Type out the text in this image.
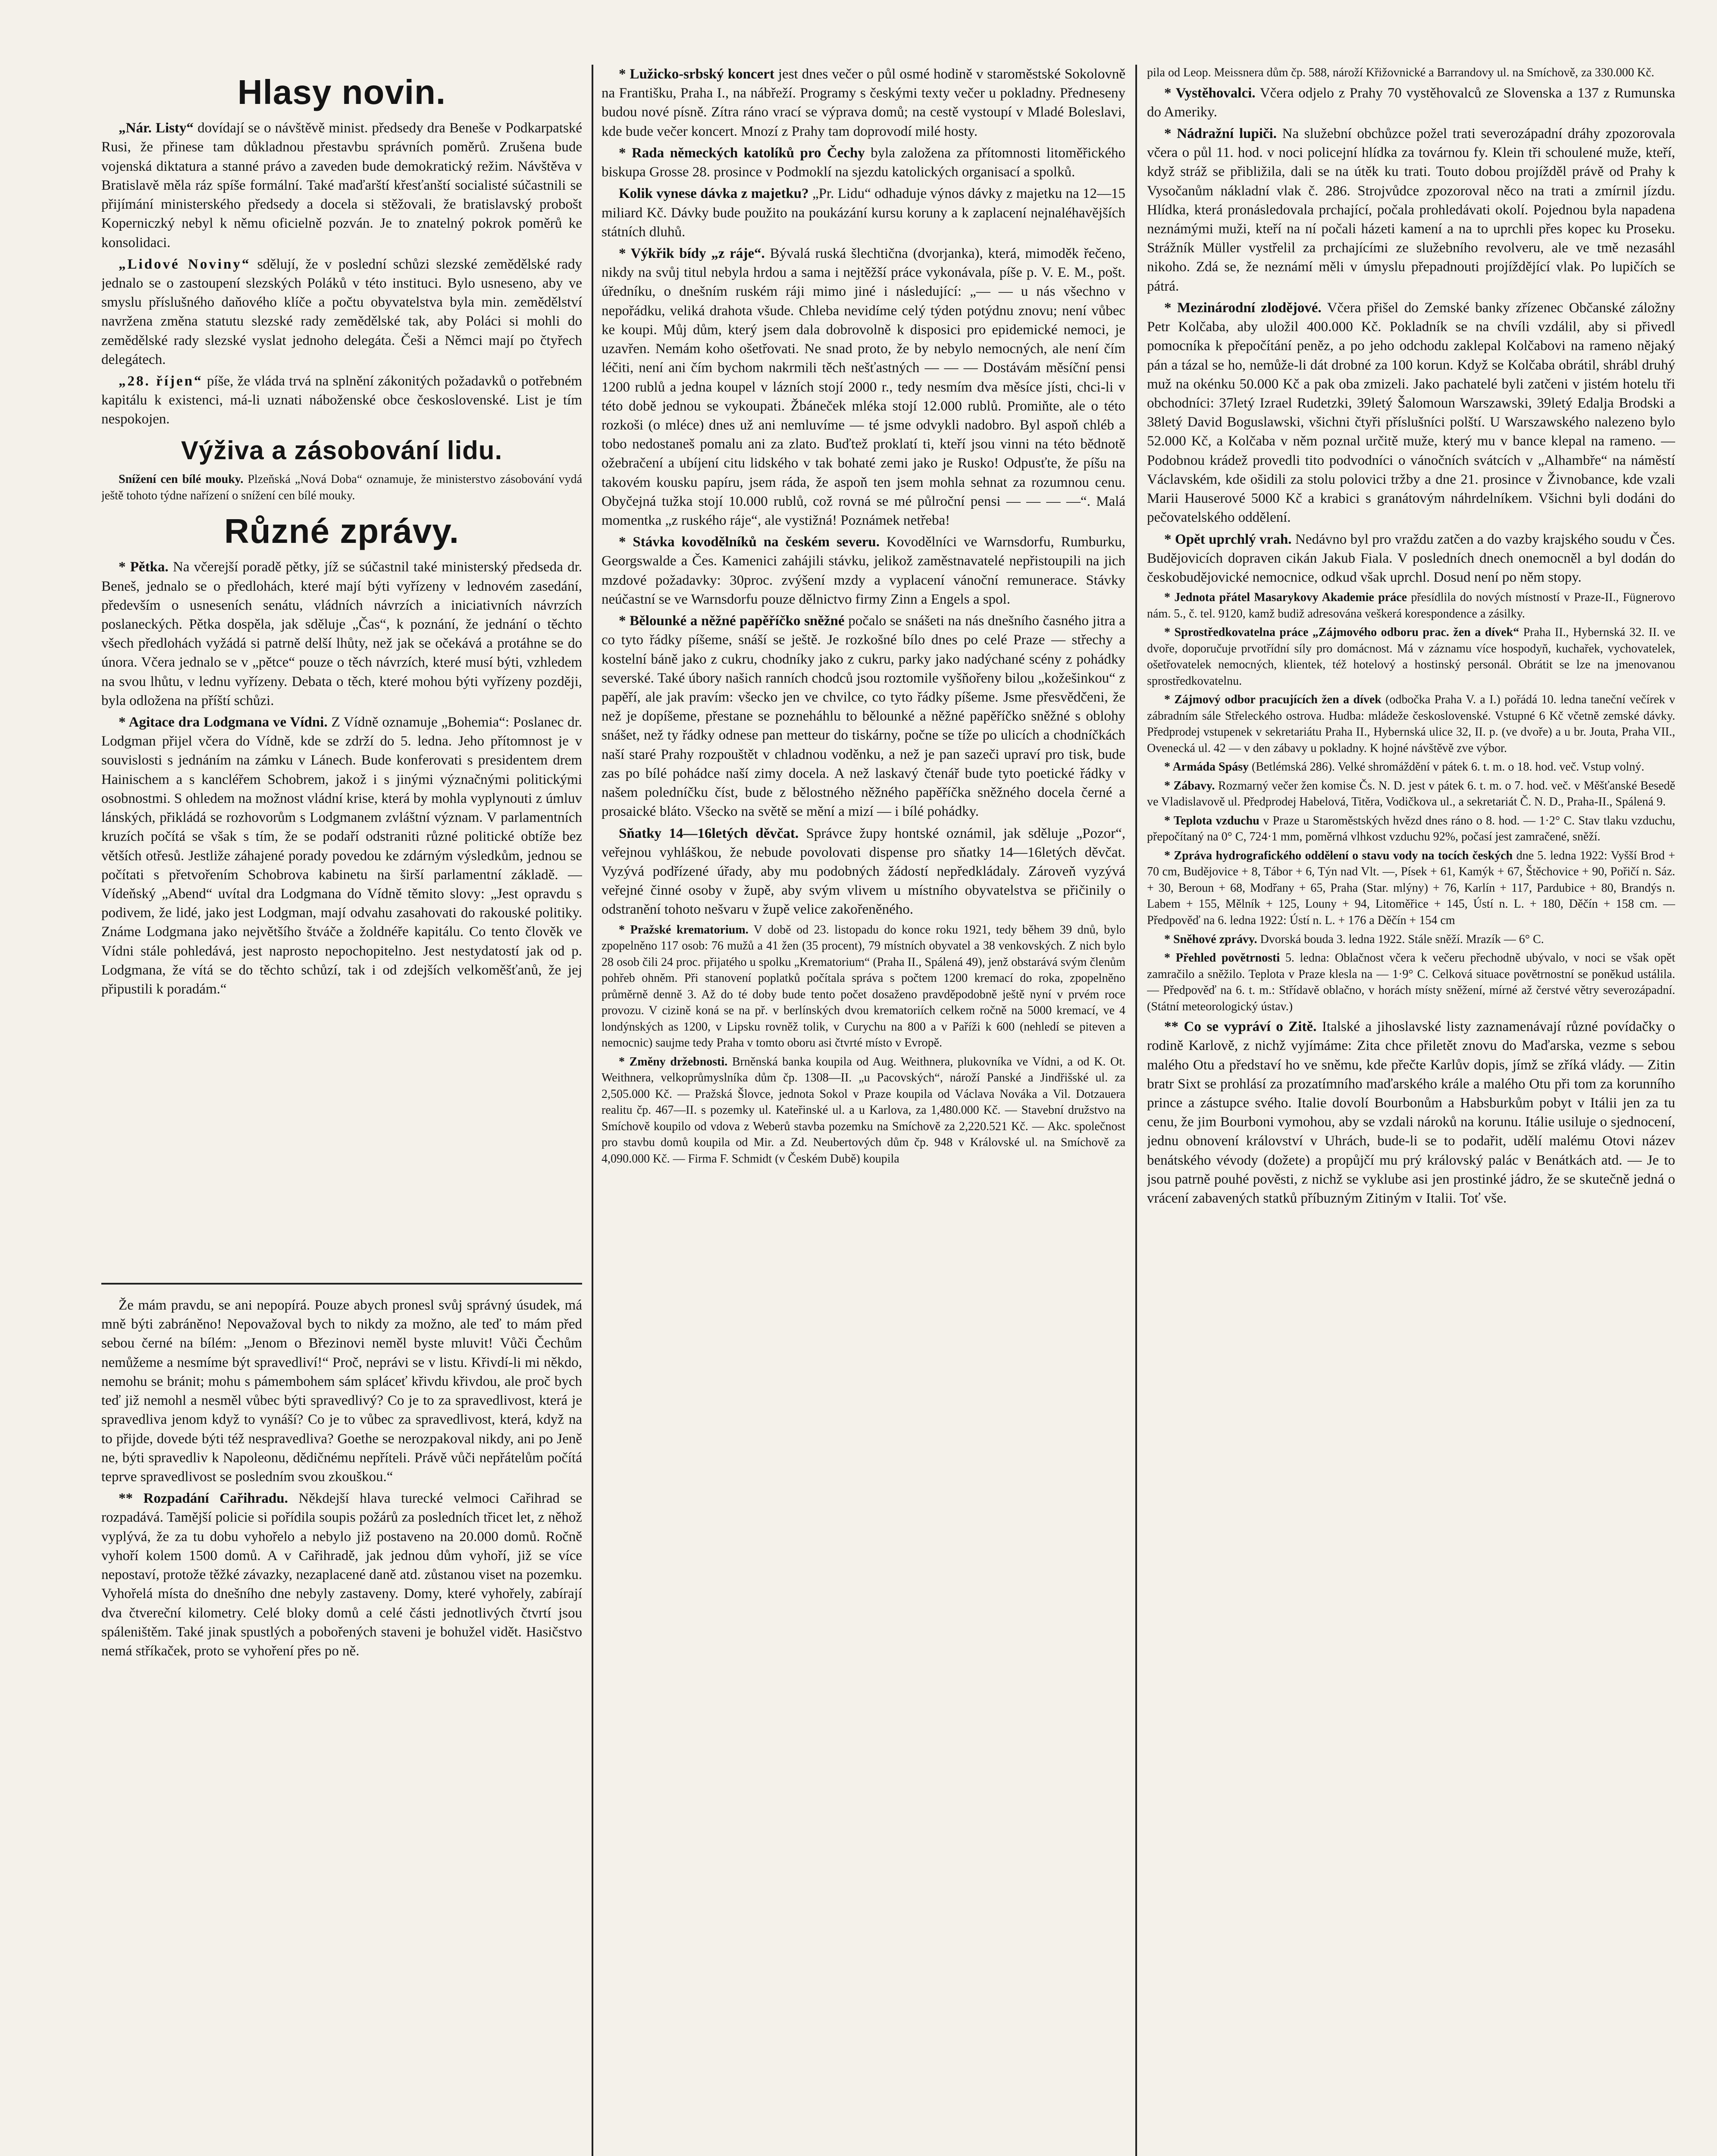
Hlasy novin.

„Nár. Listy“ dovídají se o návštěvě minist. předsedy dra Beneše v Podkarpatské Rusi, že přinese tam důkladnou přestavbu správních poměrů. Zrušena bude vojenská diktatura a stanné právo a zaveden bude demokratický režim. Návštěva v Bratislavě měla ráz spíše formální. Také maďarští křesťanští socialisté súčastnili se přijímání ministerského předsedy a docela si stěžovali, že bratislavský probošt Koperniczký nebyl k němu oficielně pozván. Je to znatelný pokrok poměrů ke konsolidaci.

„Lidové Noviny“ sdělují, že v poslední schůzi slezské zemědělské rady jednalo se o zastoupení slezských Poláků v této instituci. Bylo usneseno, aby ve smyslu příslušného daňového klíče a počtu obyvatelstva byla min. zemědělství navržena změna statutu slezské rady zemědělské tak, aby Poláci si mohli do zemědělské rady slezské vyslat jednoho delegáta. Češi a Němci mají po čtyřech delegátech.

„28. říjen“ píše, že vláda trvá na splnění zákonitých požadavků o potřebném kapitálu k existenci, má-li uznati náboženské obce československé. List je tím nespokojen.

Výživa a zásobování lidu.

Snížení cen bílé mouky. Plzeňská „Nová Doba“ oznamuje, že ministerstvo zásobování vydá ještě tohoto týdne nařízení o snížení cen bílé mouky.

Různé zprávy.

* Pětka. Na včerejší poradě pětky, jíž se súčastnil také ministerský předseda dr. Beneš, jednalo se o předlohách, které mají býti vyřízeny v lednovém zasedání, především o usneseních senátu, vládních návrzích a iniciativních návrzích poslaneckých. Pětka dospěla, jak sděluje „Čas“, k poznání, že jednání o těchto všech předlohách vyžádá si patrně delší lhůty, než jak se očekává a protáhne se do února. Včera jednalo se v „pětce“ pouze o těch návrzích, které musí býti, vzhledem na svou lhůtu, v lednu vyřízeny. Debata o těch, které mohou býti vyřízeny později, byla odložena na příští schůzi.

* Agitace dra Lodgmana ve Vídni. Z Vídně oznamuje „Bohemia“: Poslanec dr. Lodgman přijel včera do Vídně, kde se zdrží do 5. ledna. Jeho přítomnost je v souvislosti s jednáním na zámku v Lánech. Bude konferovati s presidentem drem Hainischem a s kancléřem Schobrem, jakož i s jinými význačnými politickými osobnostmi. S ohledem na možnost vládní krise, která by mohla vyplynouti z úmluv lánských, přikládá se rozhovorům s Lodgmanem zvláštní význam. V parlamentních kruzích počítá se však s tím, že se podaří odstraniti různé politické obtíže bez větších otřesů. Jestliže záhajené porady povedou ke zdárným výsledkům, jednou se počítati s přetvořením Schobrova kabinetu na širší parlamentní základě. — Vídeňský „Abend“ uvítal dra Lodgmana do Vídně těmito slovy: „Jest opravdu s podivem, že lidé, jako jest Lodgman, mají odvahu zasahovati do rakouské politiky. Známe Lodgmana jako největšího štváče a žoldnéře kapitálu. Co tento člověk ve Vídni stále pohledává, jest naprosto nepochopitelno. Jest nestydatostí jak od p. Lodgmana, že vítá se do těchto schůzí, tak i od zdejších velkoměšťanů, že jej připustili k poradám.“

Že mám pravdu, se ani nepopírá. Pouze abych pronesl svůj správný úsudek, má mně býti zabráněno! Nepovažoval bych to nikdy za možno, ale teď to mám před sebou černé na bílém: „Jenom o Březinovi neměl byste mluvit! Vůči Čechům nemůžeme a nesmíme být spravedliví!“ Proč, neprávi se v listu. Křivdí-li mi někdo, nemohu se bránit; mohu s pámembohem sám spláceť křivdu křivdou, ale proč bych teď již nemohl a nesměl vůbec býti spravedlivý? Co je to za spravedlivost, která je spravedliva jenom když to vynáší? Co je to vůbec za spravedlivost, která, když na to přijde, dovede býti též nespravedliva? Goethe se nerozpakoval nikdy, ani po Jeně ne, býti spravedliv k Napoleonu, dědičnému nepříteli. Právě vůči nepřátelům počítá teprve spravedlivost se posledním svou zkouškou.“

** Rozpadání Cařihradu. Někdejší hlava turecké velmoci Cařihrad se rozpadává. Tamější policie si pořídila soupis požárů za posledních třicet let, z něhož vyplývá, že za tu dobu vyhořelo a nebylo již postaveno na 20.000 domů. Ročně vyhoří kolem 1500 domů. A v Cařihradě, jak jednou dům vyhoří, již se více nepostaví, protože těžké závazky, nezaplacené daně atd. zůstanou viset na pozemku. Vyhořelá místa do dnešního dne nebyly zastaveny. Domy, které vyhořely, zabírají dva čtvereční kilometry. Celé bloky domů a celé části jednotlivých čtvrtí jsou spáleništěm. Také jinak spustlých a pobořených staveni je bohužel vidět. Hasičstvo nemá stříkaček, proto se vyhoření přes po ně.

* Lužicko-srbský koncert jest dnes večer o půl osmé hodině v staroměstské Sokolovně na Františku, Praha I., na nábřeží. Programy s českými texty večer u pokladny. Předneseny budou nové písně. Zítra ráno vrací se výprava domů; na cestě vystoupí v Mladé Boleslavi, kde bude večer koncert. Mnozí z Prahy tam doprovodí milé hosty.

* Rada německých katolíků pro Čechy byla založena za přítomnosti litoměřického biskupa Grosse 28. prosince v Podmoklí na sjezdu katolických organisací a spolků.

Kolik vynese dávka z majetku? „Pr. Lidu“ odhaduje výnos dávky z majetku na 12—15 miliard Kč. Dávky bude použito na poukázání kursu koruny a k zaplacení nejnaléhavějších státních dluhů.

* Výkřik bídy „z ráje“. Bývalá ruská šlechtična (dvorjanka), která, mimoděk řečeno, nikdy na svůj titul nebyla hrdou a sama i nejtěžší práce vykonávala, píše p. V. E. M., pošt. úředníku, o dnešním ruském ráji mimo jiné i následující: „— — u nás všechno v nepořádku, veliká drahota všude. Chleba nevidíme celý týden potýdnu znovu; není vůbec ke koupi. Můj dům, který jsem dala dobrovolně k disposici pro epidemické nemoci, je uzavřen. Nemám koho ošetřovati. Ne snad proto, že by nebylo nemocných, ale není čím léčiti, není ani čím bychom nakrmili těch nešťastných — — — Dostávám měsíční pensi 1200 rublů a jedna koupel v lázních stojí 2000 r., tedy nesmím dva měsíce jísti, chci-li v této době jednou se vykoupati. Žbáneček mléka stojí 12.000 rublů. Promiňte, ale o této rozkoši (o mléce) dnes už ani nemluvíme — té jsme odvykli nadobro. Byl aspoň chléb a tobo nedostaneš pomalu ani za zlato. Buďtež proklatí ti, kteří jsou vinni na této bědnotě ožebračení a ubíjení citu lidského v tak bohaté zemi jako je Rusko! Odpusťte, že píšu na takovém kousku papíru, jsem ráda, že aspoň ten jsem mohla sehnat za rozumnou cenu. Obyčejná tužka stojí 10.000 rublů, což rovná se mé půlroční pensi — — — —“. Malá momentka „z ruského ráje“, ale vystižná! Poznámek netřeba!

* Stávka kovodělníků na českém severu. Kovodělníci ve Warnsdorfu, Rumburku, Georgswalde a Čes. Kamenici zahájili stávku, jelikož zaměstnavatelé nepřistoupili na jich mzdové požadavky: 30proc. zvýšení mzdy a vyplacení vánoční remunerace. Stávky neúčastní se ve Warnsdorfu pouze dělnictvo firmy Zinn a Engels a spol.

* Bělounké a něžné papěříčko sněžné počalo se snášeti na nás dnešního časného jitra a co tyto řádky píšeme, snáší se ještě. Je rozkošné bílo dnes po celé Praze — střechy a kostelní báně jako z cukru, chodníky jako z cukru, parky jako nadýchané scény z pohádky severské. Také úbory našich ranních chodců jsou roztomile vyšňořeny bilou „kožešinkou“ z papěří, ale jak pravím: všecko jen ve chvilce, co tyto řádky píšeme. Jsme přesvědčeni, že než je dopíšeme, přestane se pozneháhlu to bělounké a něžné papěříčko sněžné s oblohy snášet, než ty řádky odnese pan metteur do tiskárny, počne se tíže po ulicích a chodníčkách naší staré Prahy rozpouštět v chladnou voděnku, a než je pan sazeči upraví pro tisk, bude zas po bílé pohádce naší zimy docela. A než laskavý čtenář bude tyto poetické řádky v našem poledníčku číst, bude z bělostného něžného papěříčka sněžného docela černé a prosaické bláto. Všecko na světě se mění a mizí — i bílé pohádky.

Sňatky 14—16letých děvčat. Správce župy hontské oznámil, jak sděluje „Pozor“, veřejnou vyhláškou, že nebude povolovati dispense pro sňatky 14—16letých děvčat. Vyzývá podřízené úřady, aby mu podobných žádostí nepředkládaly. Zároveň vyzývá veřejné činné osoby v župě, aby svým vlivem u místního obyvatelstva se přičinily o odstranění tohoto nešvaru v župě velice zakořeněného.

* Pražské krematorium. V době od 23. listopadu do konce roku 1921, tedy během 39 dnů, bylo zpopelněno 117 osob: 76 mužů a 41 žen (35 procent), 79 místních obyvatel a 38 venkovských. Z nich bylo 28 osob čili 24 proc. přijatého u spolku „Krematorium“ (Praha II., Spálená 49), jenž obstarává svým členům pohřeb ohněm. Při stanovení poplatků počítala správa s počtem 1200 kremací do roka, zpopelněno průměrně denně 3. Až do té doby bude tento počet dosaženo pravděpodobně ještě nyní v prvém roce provozu. V cizině koná se na př. v berlínských dvou krematoriích celkem ročně na 5000 kremací, ve 4 londýnských as 1200, v Lipsku rovněž tolik, v Curychu na 800 a v Paříži k 600 (nehledí se piteven a nemocnic) saujme tedy Praha v tomto oboru asi čtvrté místo v Evropě.

* Změny držebnosti. Brněnská banka koupila od Aug. Weithnera, plukovníka ve Vídni, a od K. Ot. Weithnera, velkoprůmyslníka dům čp. 1308—II. „u Pacovských“, nároží Panské a Jindřišské ul. za 2,505.000 Kč. — Pražská Šlovce, jednota Sokol v Praze koupila od Václava Nováka a Vil. Dotzauera realitu čp. 467—II. s pozemky ul. Kateřinské ul. a u Karlova, za 1,480.000 Kč. — Stavební družstvo na Smíchově koupilo od vdova z Weberů stavba pozemku na Smíchově za 2,220.521 Kč. — Akc. společnost pro stavbu domů koupila od Mir. a Zd. Neubertových dům čp. 948 v Královské ul. na Smíchově za 4,090.000 Kč. — Firma F. Schmidt (v Českém Dubě) koupila

pila od Leop. Meissnera dům čp. 588, nároží Křižovnické a Barrandovy ul. na Smíchově, za 330.000 Kč.

* Vystěhovalci. Včera odjelo z Prahy 70 vystěhovalců ze Slovenska a 137 z Rumunska do Ameriky.

* Nádražní lupiči. Na služební obchůzce požel trati severozápadní dráhy zpozorovala včera o půl 11. hod. v noci policejní hlídka za továrnou fy. Klein tři schoulené muže, kteří, když stráž se přibližila, dali se na útěk ku trati. Touto dobou projížděl právě od Prahy k Vysočanům nákladní vlak č. 286. Strojvůdce zpozoroval něco na trati a zmírnil jízdu. Hlídka, která pronásledovala prchající, počala prohledávati okolí. Pojednou byla napadena neznámými muži, kteří na ní počali házeti kamení a na to uprchli přes kopec ku Proseku. Strážník Müller vystřelil za prchajícími ze služebního revolveru, ale ve tmě nezasáhl nikoho. Zdá se, že neznámí měli v úmyslu přepadnouti projíždějící vlak. Po lupičích se pátrá.

* Mezinárodní zlodějové. Včera přišel do Zemské banky zřízenec Občanské záložny Petr Kolčaba, aby uložil 400.000 Kč. Pokladník se na chvíli vzdálil, aby si přivedl pomocníka k přepočítání peněz, a po jeho odchodu zaklepal Kolčabovi na rameno nějaký pán a tázal se ho, nemůže-li dát drobné za 100 korun. Když se Kolčaba obrátil, shrábl druhý muž na okénku 50.000 Kč a pak oba zmizeli. Jako pachatelé byli zatčeni v jistém hotelu tři obchodníci: 37letý Izrael Rudetzki, 39letý Šalomoun Warszawski, 39letý Edalja Brodski a 38letý David Boguslawski, všichni čtyři příslušníci polští. U Warszawského nalezeno bylo 52.000 Kč, a Kolčaba v něm poznal určitě muže, který mu v bance klepal na rameno. — Podobnou krádež provedli tito podvodníci o vánočních svátcích v „Alhambře“ na náměstí Václavském, kde ošidili za stolu polovici tržby a dne 21. prosince v Živnobance, kde vzali Marii Hauserové 5000 Kč a krabici s granátovým náhrdelníkem. Všichni byli dodáni do pečovatelského oddělení.

* Opět uprchlý vrah. Nedávno byl pro vraždu zatčen a do vazby krajského soudu v Čes. Budějovicích dopraven cikán Jakub Fiala. V posledních dnech onemocněl a byl dodán do českobudějovické nemocnice, odkud však uprchl. Dosud není po něm stopy.

* Jednota přátel Masarykovy Akademie práce přesídlila do nových místností v Praze-II., Fügnerovo nám. 5., č. tel. 9120, kamž budiž adresována veškerá korespondence a zásilky.

* Sprostředkovatelna práce „Zájmového odboru prac. žen a dívek“ Praha II., Hybernská 32. II. ve dvoře, doporučuje prvotřídní síly pro domácnost. Má v záznamu více hospodyň, kuchařek, vychovatelek, ošetřovatelek nemocných, klientek, též hotelový a hostinský personál. Obrátit se lze na jmenovanou sprostředkovatelnu.

* Zájmový odbor pracujících žen a dívek (odbočka Praha V. a I.) pořádá 10. ledna taneční večírek v zábradním sále Střeleckého ostrova. Hudba: mládeže československé. Vstupné 6 Kč včetně zemské dávky. Předprodej vstupenek v sekretariátu Praha II., Hybernská ulice 32, II. p. (ve dvoře) a u br. Jouta, Praha VII., Ovenecká ul. 42 — v den zábavy u pokladny. K hojné návštěvě zve výbor.

* Armáda Spásy (Betlémská 286). Velké shromáždění v pátek 6. t. m. o 18. hod. več. Vstup volný.

* Zábavy. Rozmarný večer žen komise Čs. N. D. jest v pátek 6. t. m. o 7. hod. več. v Měšťanské Besedě ve Vladislavově ul. Předprodej Habelová, Titěra, Vodičkova ul., a sekretariát Č. N. D., Praha-II., Spálená 9.

* Teplota vzduchu v Praze u Staroměstských hvězd dnes ráno o 8. hod. — 1·2° C. Stav tlaku vzduchu, přepočítaný na 0° C, 724·1 mm, poměrná vlhkost vzduchu 92%, počasí jest zamračené, sněží.

* Zpráva hydrografického oddělení o stavu vody na tocích českých dne 5. ledna 1922: Vyšší Brod + 70 cm, Budějovice + 8, Tábor + 6, Týn nad Vlt. —, Písek + 61, Kamýk + 67, Štěchovice + 90, Pořičí n. Sáz. + 30, Beroun + 68, Modřany + 65, Praha (Star. mlýny) + 76, Karlín + 117, Pardubice + 80, Brandýs n. Labem + 155, Mělník + 125, Louny + 94, Litoměřice + 145, Ústí n. L. + 180, Děčín + 158 cm. — Předpověď na 6. ledna 1922: Ústí n. L. + 176 a Děčín + 154 cm

* Sněhové zprávy. Dvorská bouda 3. ledna 1922. Stále sněží. Mrazík — 6° C.

* Přehled povětrnosti 5. ledna: Oblačnost včera k večeru přechodně ubývalo, v noci se však opět zamračilo a sněžilo. Teplota v Praze klesla na — 1·9° C. Celková situace povětrnostní se poněkud ustálila. — Předpověď na 6. t. m.: Střídavě oblačno, v horách místy sněžení, mírné až čerstvé větry severozápadní. (Státní meteorologický ústav.)

** Co se vypráví o Zitě. Italské a jihoslavské listy zaznamenávají různé povídačky o rodině Karlově, z nichž vyjímáme: Zita chce přiletět znovu do Maďarska, vezme s sebou malého Otu a představí ho ve sněmu, kde přečte Karlův dopis, jímž se zříká vlády. — Zitin bratr Sixt se prohlásí za prozatímního maďarského krále a malého Otu při tom za korunního prince a zástupce svého. Italie dovolí Bourbonům a Habsburkům pobyt v Itálii jen za tu cenu, že jim Bourboni vymohou, aby se vzdali nároků na korunu. Itálie usiluje o sjednocení, jednu obnovení království v Uhrách, bude-li se to podařit, udělí malému Otovi název benátského vévody (dožete) a propůjčí mu prý královský palác v Benátkách atd. — Je to jsou patrně pouhé pověsti, z nichž se vyklube asi jen prostinké jádro, že se skutečně jedná o vrácení zabavených statků příbuzným Zitiným v Italii. Toť vše.
